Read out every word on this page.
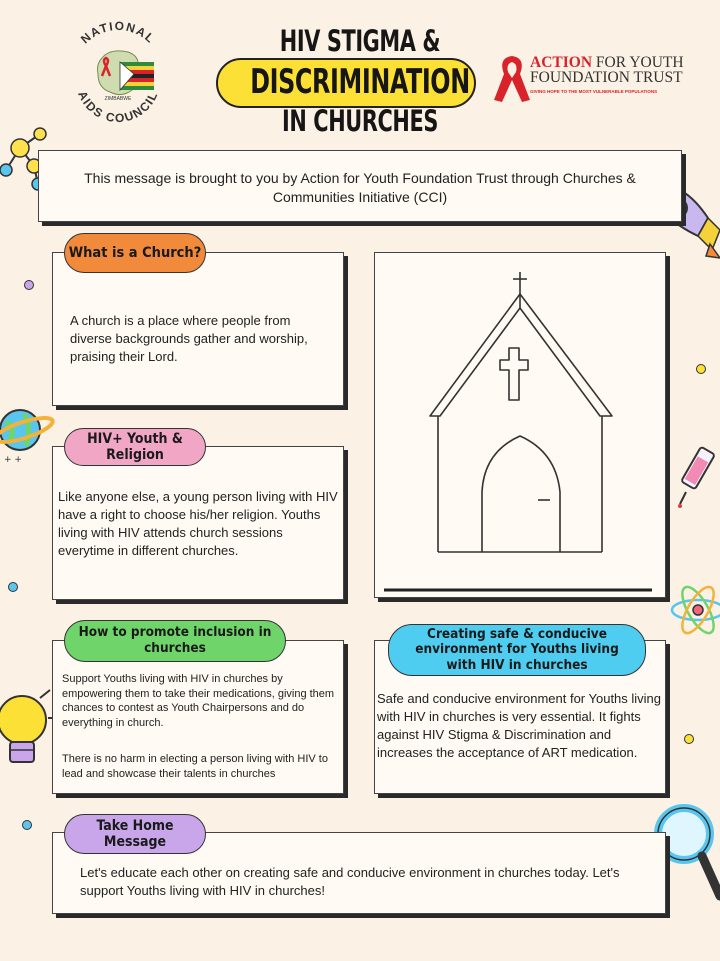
+ +
NATIONAL
AIDS COUNCIL
ZIMBABWE
HIV STIGMA &
DISCRIMINATION
IN CHURCHES
ACTION FOR YOUTH
FOUNDATION TRUST
GIVING HOPE TO THE MOST VULNERABLE POPULATIONS
This message is brought to you by Action for Youth Foundation Trust through Churches & Communities Initiative (CCI)
What is a Church?
A church is a place where people from diverse backgrounds gather and worship, praising their Lord.
HIV+ Youth & Religion
Like anyone else, a young person living with HIV have a right to choose his/her religion. Youths living with HIV attends church sessions everytime in different churches.
How to promote inclusion in churches
Support Youths living with HIV in churches by empowering them to take their medications, giving them chances to contest as Youth Chairpersons and do everything in church.
There is no harm in electing a person living with HIV to lead and showcase their talents in churches
Creating safe & conducive environment for Youths living with HIV in churches
Safe and conducive environment for Youths living with HIV in churches is very essential. It fights against HIV Stigma & Discrimination and increases the acceptance of ART medication.
Take Home Message
Let's educate each other on creating safe and conducive environment in churches today. Let's support Youths living with HIV in churches!
